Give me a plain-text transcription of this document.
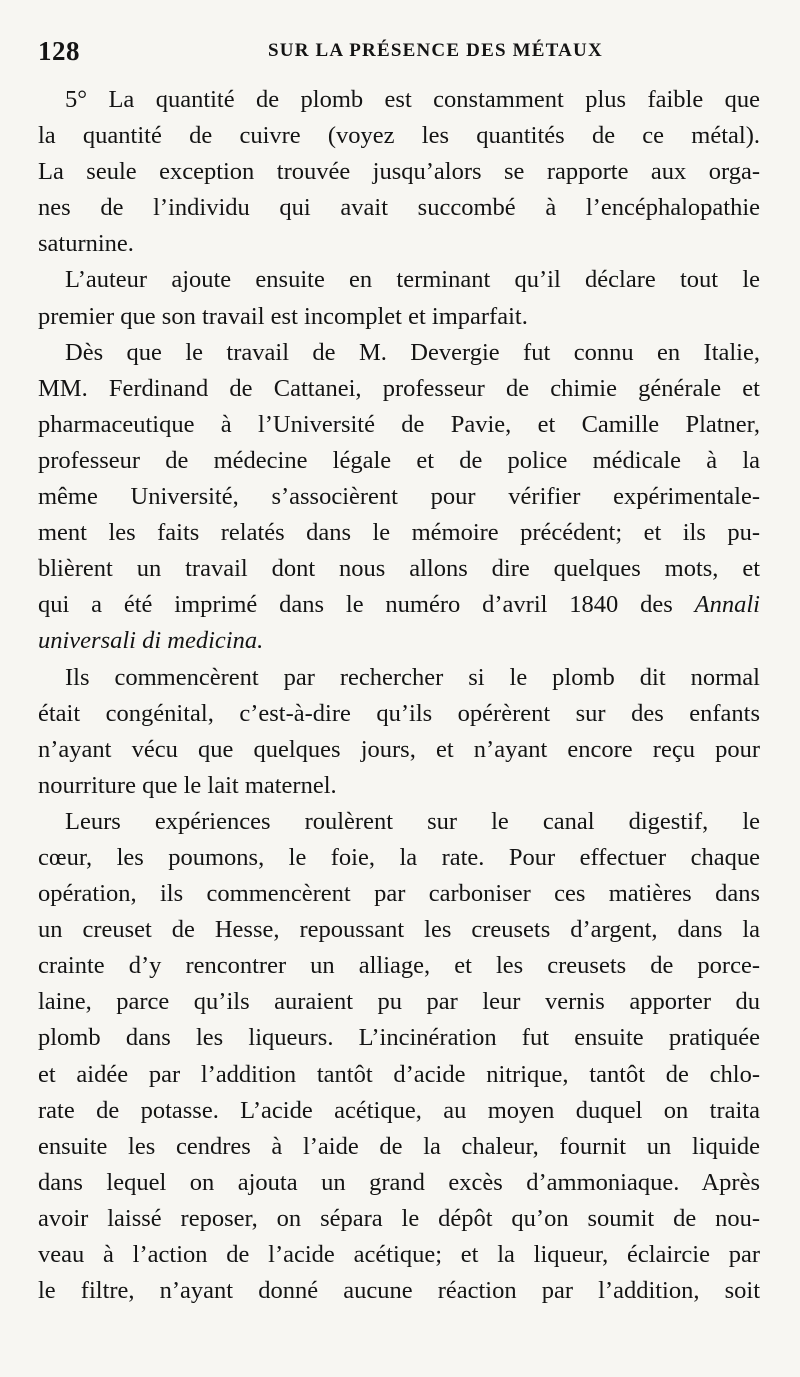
128	SUR LA PRÉSENCE DES MÉTAUX
5° La quantité de plomb est constamment plus faible que
la quantité de cuivre (voyez les quantités de ce métal).
La seule exception trouvée jusqu’alors se rapporte aux orga-
nes de l’individu qui avait succombé à l’encéphalopathie
saturnine.
L’auteur ajoute ensuite en terminant qu’il déclare tout le
premier que son travail est incomplet et imparfait.
Dès que le travail de M. Devergie fut connu en Italie,
MM. Ferdinand de Cattanei, professeur de chimie générale et
pharmaceutique à l’Université de Pavie, et Camille Platner,
professeur de médecine légale et de police médicale à la
même Université, s’associèrent pour vérifier expérimentale-
ment les faits relatés dans le mémoire précédent; et ils pu-
blièrent un travail dont nous allons dire quelques mots, et
qui a été imprimé dans le numéro d’avril 1840 des Annali
universali di medicina.
Ils commencèrent par rechercher si le plomb dit normal
était congénital, c’est-à-dire qu’ils opérèrent sur des enfants
n’ayant vécu que quelques jours, et n’ayant encore reçu pour
nourriture que le lait maternel.
Leurs expériences roulèrent sur le canal digestif, le
cœur, les poumons, le foie, la rate. Pour effectuer chaque
opération, ils commencèrent par carboniser ces matières dans
un creuset de Hesse, repoussant les creusets d’argent, dans la
crainte d’y rencontrer un alliage, et les creusets de porce-
laine, parce qu’ils auraient pu par leur vernis apporter du
plomb dans les liqueurs. L’incinération fut ensuite pratiquée
et aidée par l’addition tantôt d’acide nitrique, tantôt de chlo-
rate de potasse. L’acide acétique, au moyen duquel on traita
ensuite les cendres à l’aide de la chaleur, fournit un liquide
dans lequel on ajouta un grand excès d’ammoniaque. Après
avoir laissé reposer, on sépara le dépôt qu’on soumit de nou-
veau à l’action de l’acide acétique; et la liqueur, éclaircie par
le filtre, n’ayant donné aucune réaction par l’addition, soit
